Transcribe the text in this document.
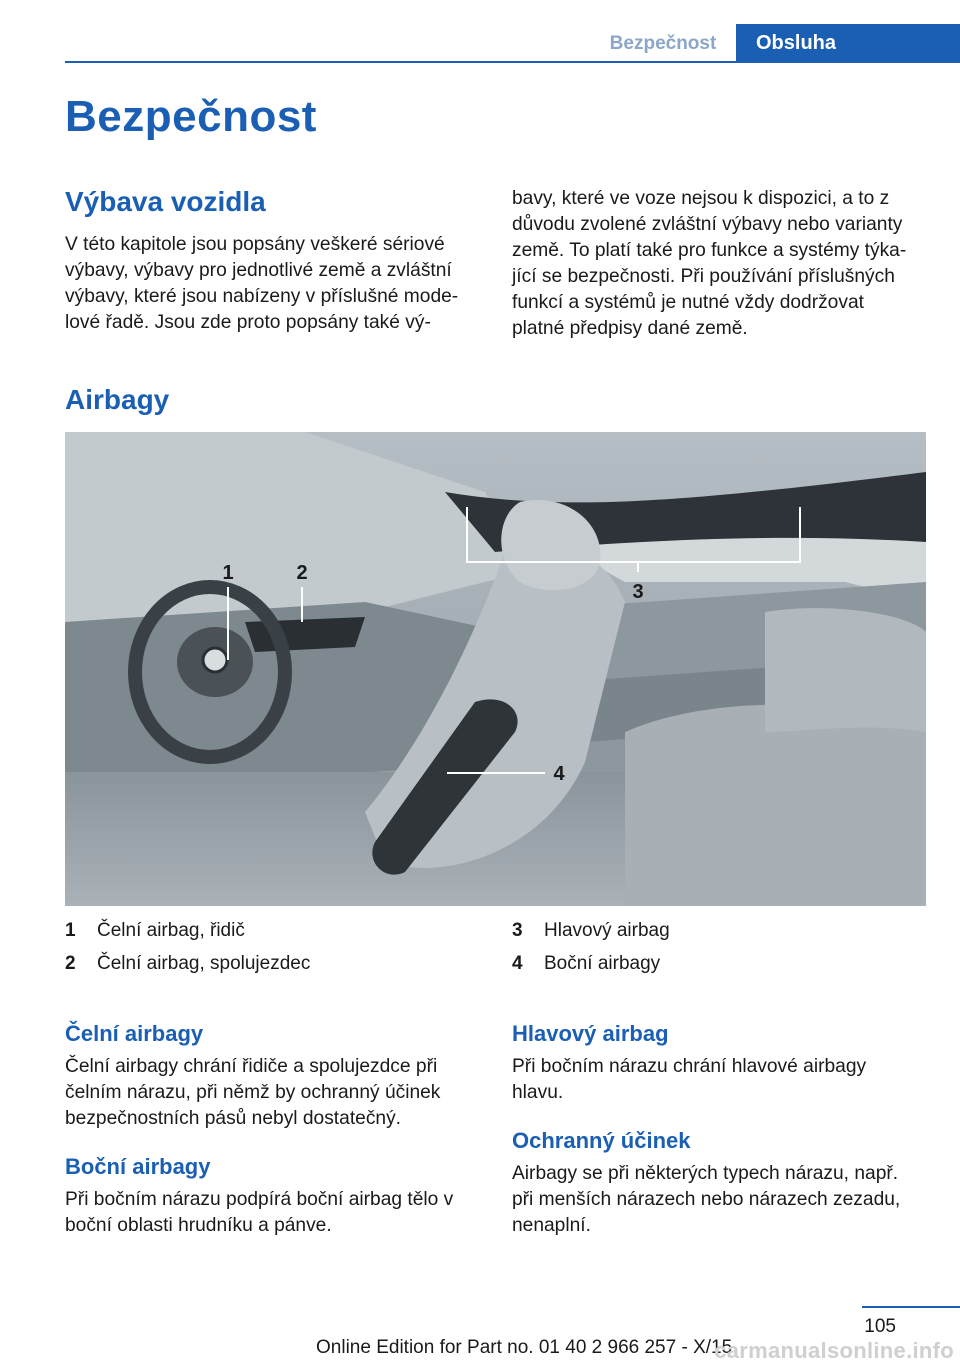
Bezpečnost	Obsluha
Bezpečnost
Výbava vozidla
V této kapitole jsou popsány veškeré sériové
výbavy, výbavy pro jednotlivé země a zvláštní
výbavy, které jsou nabízeny v příslušné mode‐
lové řadě. Jsou zde proto popsány také vý‐
bavy, které ve voze nejsou k dispozici, a to z
důvodu zvolené zvláštní výbavy nebo varianty
země. To platí také pro funkce a systémy týka‐
jící se bezpečnosti. Při používání příslušných
funkcí a systémů je nutné vždy dodržovat
platné předpisy dané země.
Airbagy
1	2
3
4
1	Čelní airbag, řidič
2	Čelní airbag, spolujezdec
3	Hlavový airbag
4	Boční airbagy
Čelní airbagy
Čelní airbagy chrání řidiče a spolujezdce při
čelním nárazu, při němž by ochranný účinek
bezpečnostních pásů nebyl dostatečný.
Boční airbagy
Při bočním nárazu podpírá boční airbag tělo v
boční oblasti hrudníku a pánve.
Hlavový airbag
Při bočním nárazu chrání hlavové airbagy
hlavu.
Ochranný účinek
Airbagy se při některých typech nárazu, např.
při menších nárazech nebo nárazech zezadu,
nenaplní.
105
Online Edition for Part no. 01 40 2 966 257 - X/15
carmanualsonline.info
